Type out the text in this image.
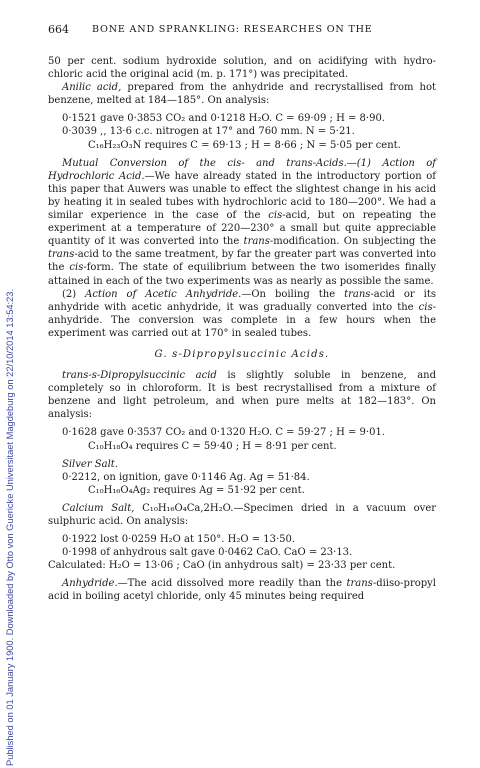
Published on 01 January 1900. Downloaded by Otto von Guericke Universitaet Magdeburg on 22/10/2014 13:54:23.
664 BONE AND SPRANKLING: RESEARCHES ON THE

50 per cent. sodium hydroxide solution, and on acidifying with hydro-chloric acid the original acid (m. p. 171°) was precipitated.

Anilic acid, prepared from the anhydride and recrystallised from hot benzene, melted at 184—185°. On analysis:

0·1521 gave 0·3853 CO₂ and 0·1218 H₂O. C = 69·09 ; H = 8·90.
0·3039 ,, 13·6 c.c. nitrogen at 17° and 760 mm. N = 5·21.
C₁₆H₂₃O₃N requires C = 69·13 ; H = 8·66 ; N = 5·05 per cent.

Mutual Conversion of the cis- and trans-Acids.—(1) Action of Hydrochloric Acid.—We have already stated in the introductory portion of this paper that Auwers was unable to effect the slightest change in his acid by heating it in sealed tubes with hydrochloric acid to 180—200°. We had a similar experience in the case of the cis-acid, but on repeating the experiment at a temperature of 220—230° a small but quite appreciable quantity of it was converted into the trans-modification. On subjecting the trans-acid to the same treatment, by far the greater part was converted into the cis-form. The state of equilibrium between the two isomerides finally attained in each of the two experiments was as nearly as possible the same.

(2) Action of Acetic Anhydride.—On boiling the trans-acid or its anhydride with acetic anhydride, it was gradually converted into the cis-anhydride. The conversion was complete in a few hours when the experiment was carried out at 170° in sealed tubes.

G. s-Dipropylsuccinic Acids.

trans-s-Dipropylsuccinic acid is slightly soluble in benzene, and completely so in chloroform. It is best recrystallised from a mixture of benzene and light petroleum, and when pure melts at 182—183°. On analysis:

0·1628 gave 0·3537 CO₂ and 0·1320 H₂O. C = 59·27 ; H = 9·01.
C₁₀H₁₈O₄ requires C = 59·40 ; H = 8·91 per cent.

Silver Salt.

0·2212, on ignition, gave 0·1146 Ag. Ag = 51·84.
C₁₀H₁₆O₄Ag₂ requires Ag = 51·92 per cent.

Calcium Salt, C₁₀H₁₆O₄Ca,2H₂O.—Specimen dried in a vacuum over sulphuric acid. On analysis:

0·1922 lost 0·0259 H₂O at 150°. H₂O = 13·50.
0·1998 of anhydrous salt gave 0·0462 CaO. CaO = 23·13.
Calculated: H₂O = 13·06 ; CaO (in anhydrous salt) = 23·33 per cent.

Anhydride.—The acid dissolved more readily than the trans-diiso-propyl acid in boiling acetyl chloride, only 45 minutes being required
